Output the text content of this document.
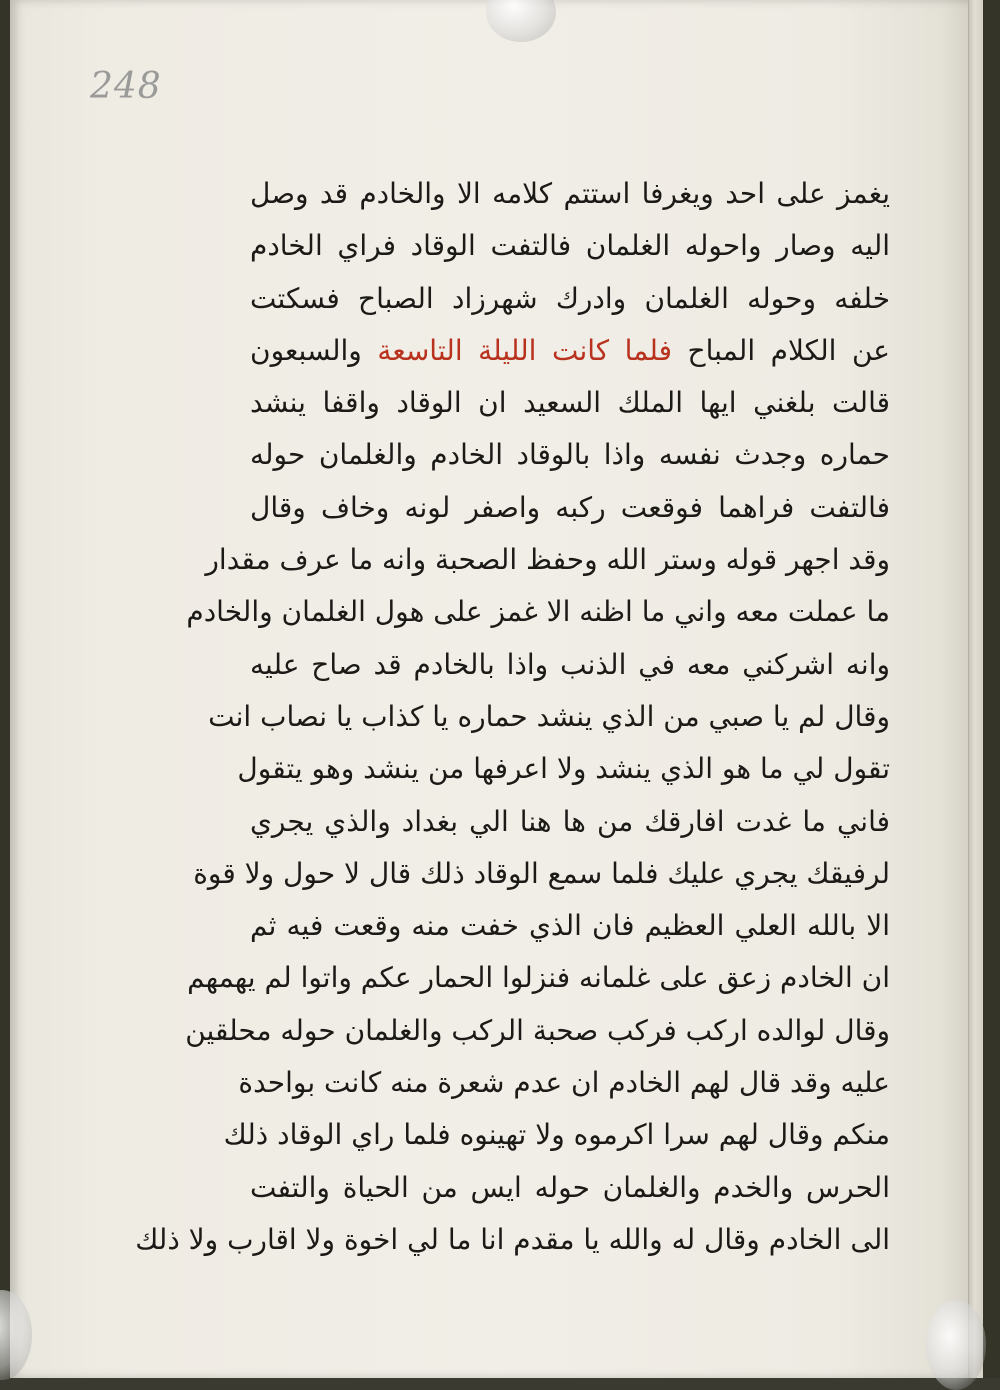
248
يغمز على احد ويغرفا استتم كلامه الا والخادم قد وصل
اليه وصار واحوله الغلمان فالتفت الوقاد فراي الخادم
خلفه وحوله الغلمان وادرك شهرزاد الصباح فسكتت
عن الكلام المباح فلما كانت الليلة التاسعة والسبعون
قالت بلغني ايها الملك السعيد ان الوقاد واقفا ينشد
حماره وجدث نفسه واذا بالوقاد الخادم والغلمان حوله
فالتفت فراهما فوقعت ركبه واصفر لونه وخاف وقال
وقد اجهر قوله وستر الله وحفظ الصحبة وانه ما عرف مقدار
ما عملت معه واني ما اظنه الا غمز على هول الغلمان والخادم
وانه اشركني معه في الذنب واذا بالخادم قد صاح عليه
وقال لم يا صبي من الذي ينشد حماره يا كذاب يا نصاب انت
تقول لي ما هو الذي ينشد ولا اعرفها من ينشد وهو يتقول
فاني ما غدت افارقك من ها هنا الي بغداد والذي يجري
لرفيقك يجري عليك فلما سمع الوقاد ذلك قال لا حول ولا قوة
الا بالله العلي العظيم فان الذي خفت منه وقعت فيه ثم
ان الخادم زعق على غلمانه فنزلوا الحمار عكم واتوا لم يهمهم
وقال لوالده اركب فركب صحبة الركب والغلمان حوله محلقين
عليه وقد قال لهم الخادم ان عدم شعرة منه كانت بواحدة
منكم وقال لهم سرا اكرموه ولا تهينوه فلما راي الوقاد ذلك
الحرس والخدم والغلمان حوله ايس من الحياة والتفت
الى الخادم وقال له والله يا مقدم انا ما لي اخوة ولا اقارب ولا ذلك
